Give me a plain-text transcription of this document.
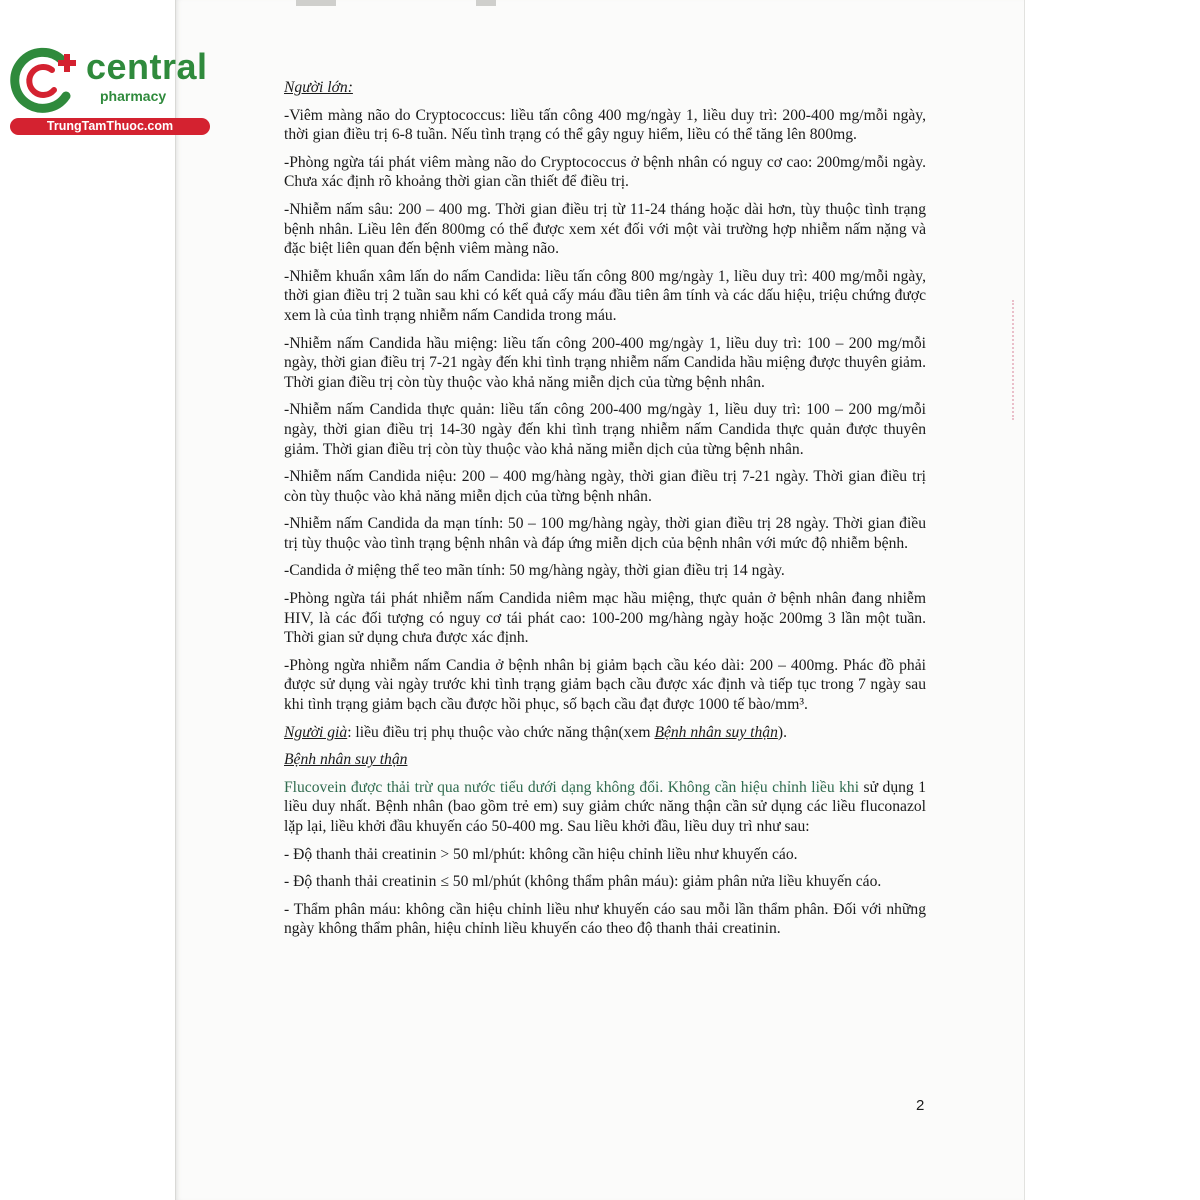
central
pharmacy
TrungTamThuoc.com

Người lớn:

-Viêm màng não do Cryptococcus: liều tấn công 400 mg/ngày 1, liều duy trì: 200-400 mg/mỗi ngày, thời gian điều trị 6-8 tuần. Nếu tình trạng có thể gây nguy hiểm, liều có thể tăng lên 800mg.

-Phòng ngừa tái phát viêm màng não do Cryptococcus ở bệnh nhân có nguy cơ cao: 200mg/mỗi ngày. Chưa xác định rõ khoảng thời gian cần thiết để điều trị.

-Nhiễm nấm sâu: 200 – 400 mg. Thời gian điều trị từ 11-24 tháng hoặc dài hơn, tùy thuộc tình trạng bệnh nhân. Liều lên đến 800mg có thể được xem xét đối với một vài trường hợp nhiễm nấm nặng và đặc biệt liên quan đến bệnh viêm màng não.

-Nhiễm khuẩn xâm lấn do nấm Candida: liều tấn công 800 mg/ngày 1, liều duy trì: 400 mg/mỗi ngày, thời gian điều trị 2 tuần sau khi có kết quả cấy máu đầu tiên âm tính và các dấu hiệu, triệu chứng được xem là của tình trạng nhiễm nấm Candida trong máu.

-Nhiễm nấm Candida hầu miệng: liều tấn công 200-400 mg/ngày 1, liều duy trì: 100 – 200 mg/mỗi ngày, thời gian điều trị 7-21 ngày đến khi tình trạng nhiễm nấm Candida hầu miệng được thuyên giảm. Thời gian điều trị còn tùy thuộc vào khả năng miễn dịch của từng bệnh nhân.

-Nhiễm nấm Candida thực quản: liều tấn công 200-400 mg/ngày 1, liều duy trì: 100 – 200 mg/mỗi ngày, thời gian điều trị 14-30 ngày đến khi tình trạng nhiễm nấm Candida thực quản được thuyên giảm. Thời gian điều trị còn tùy thuộc vào khả năng miễn dịch của từng bệnh nhân.

-Nhiễm nấm Candida niệu: 200 – 400 mg/hàng ngày, thời gian điều trị 7-21 ngày. Thời gian điều trị còn tùy thuộc vào khả năng miễn dịch của từng bệnh nhân.

-Nhiễm nấm Candida da mạn tính: 50 – 100 mg/hàng ngày, thời gian điều trị 28 ngày. Thời gian điều trị tùy thuộc vào tình trạng bệnh nhân và đáp ứng miễn dịch của bệnh nhân với mức độ nhiễm bệnh.

-Candida ở miệng thể teo mãn tính: 50 mg/hàng ngày, thời gian điều trị 14 ngày.

-Phòng ngừa tái phát nhiễm nấm Candida niêm mạc hầu miệng, thực quản ở bệnh nhân đang nhiễm HIV, là các đối tượng có nguy cơ tái phát cao: 100-200 mg/hàng ngày hoặc 200mg 3 lần một tuần. Thời gian sử dụng chưa được xác định.

-Phòng ngừa nhiễm nấm Candia ở bệnh nhân bị giảm bạch cầu kéo dài: 200 – 400mg. Phác đồ phải được sử dụng vài ngày trước khi tình trạng giảm bạch cầu được xác định và tiếp tục trong 7 ngày sau khi tình trạng giảm bạch cầu được hồi phục, số bạch cầu đạt được 1000 tế bào/mm³.

Người già: liều điều trị phụ thuộc vào chức năng thận(xem Bệnh nhân suy thận).

Bệnh nhân suy thận

Flucovein được thải trừ qua nước tiểu dưới dạng không đổi. Không cần hiệu chỉnh liều khi sử dụng 1 liều duy nhất. Bệnh nhân (bao gồm trẻ em) suy giảm chức năng thận cần sử dụng các liều fluconazol lặp lại, liều khởi đầu khuyến cáo 50-400 mg. Sau liều khởi đầu, liều duy trì như sau:

- Độ thanh thải creatinin > 50 ml/phút: không cần hiệu chỉnh liều như khuyến cáo.

- Độ thanh thải creatinin ≤ 50 ml/phút (không thẩm phân máu): giảm phân nửa liều khuyến cáo.

- Thẩm phân máu: không cần hiệu chỉnh liều như khuyến cáo sau mỗi lần thẩm phân. Đối với những ngày không thẩm phân, hiệu chỉnh liều khuyến cáo theo độ thanh thải creatinin.

2
